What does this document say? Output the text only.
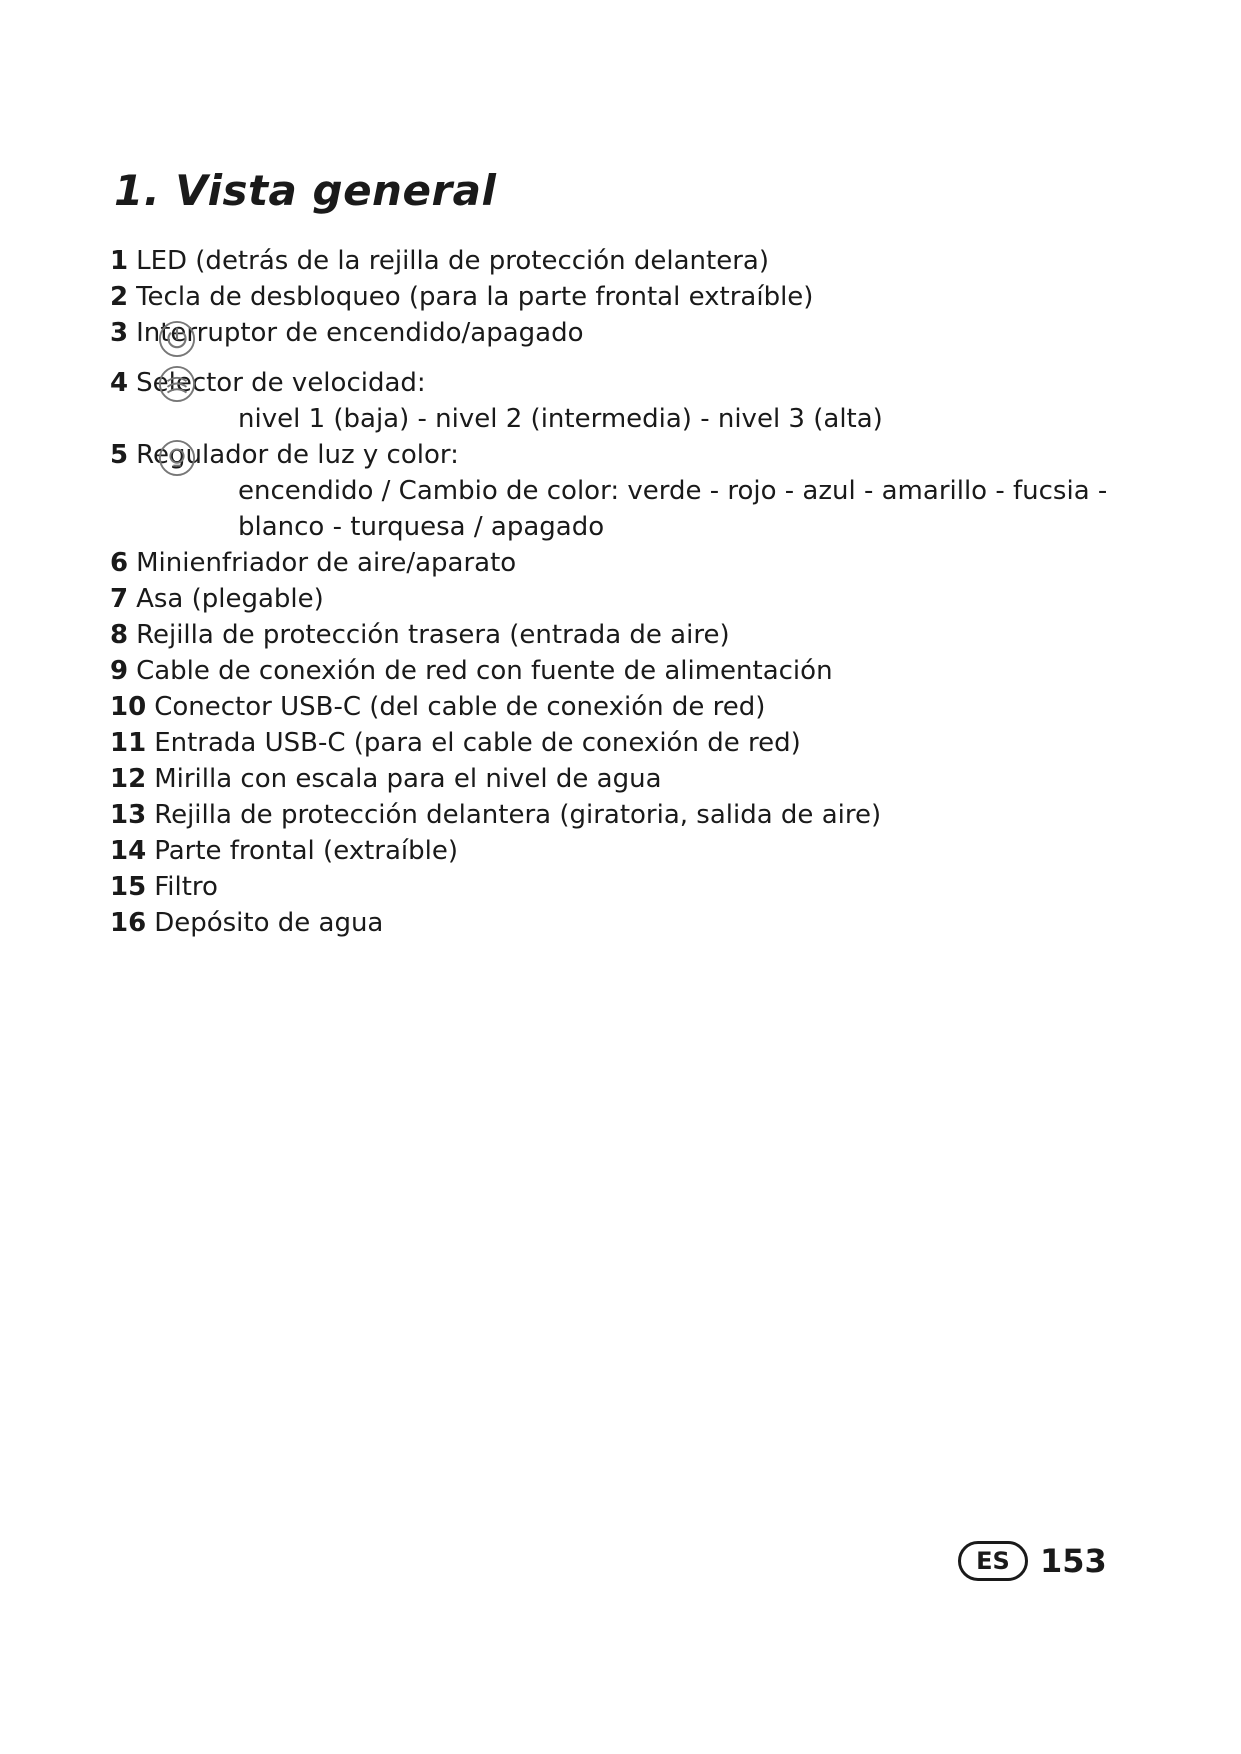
1. Vista general
1 LED (detrás de la rejilla de protección delantera)
2 Tecla de desbloqueo (para la parte frontal extraíble)
3 Interruptor de encendido/apagado
4 Selector de velocidad:
nivel 1 (baja) - nivel 2 (intermedia) - nivel 3 (alta)
5 Regulador de luz y color:
encendido / Cambio de color: verde - rojo - azul - amarillo - fucsia -
blanco - turquesa / apagado
6 Minienfriador de aire/aparato
7 Asa (plegable)
8 Rejilla de protección trasera (entrada de aire)
9 Cable de conexión de red con fuente de alimentación
10 Conector USB-C (del cable de conexión de red)
11 Entrada USB-C (para el cable de conexión de red)
12 Mirilla con escala para el nivel de agua
13 Rejilla de protección delantera (giratoria, salida de aire)
14 Parte frontal (extraíble)
15 Filtro
16 Depósito de agua
ES 153
